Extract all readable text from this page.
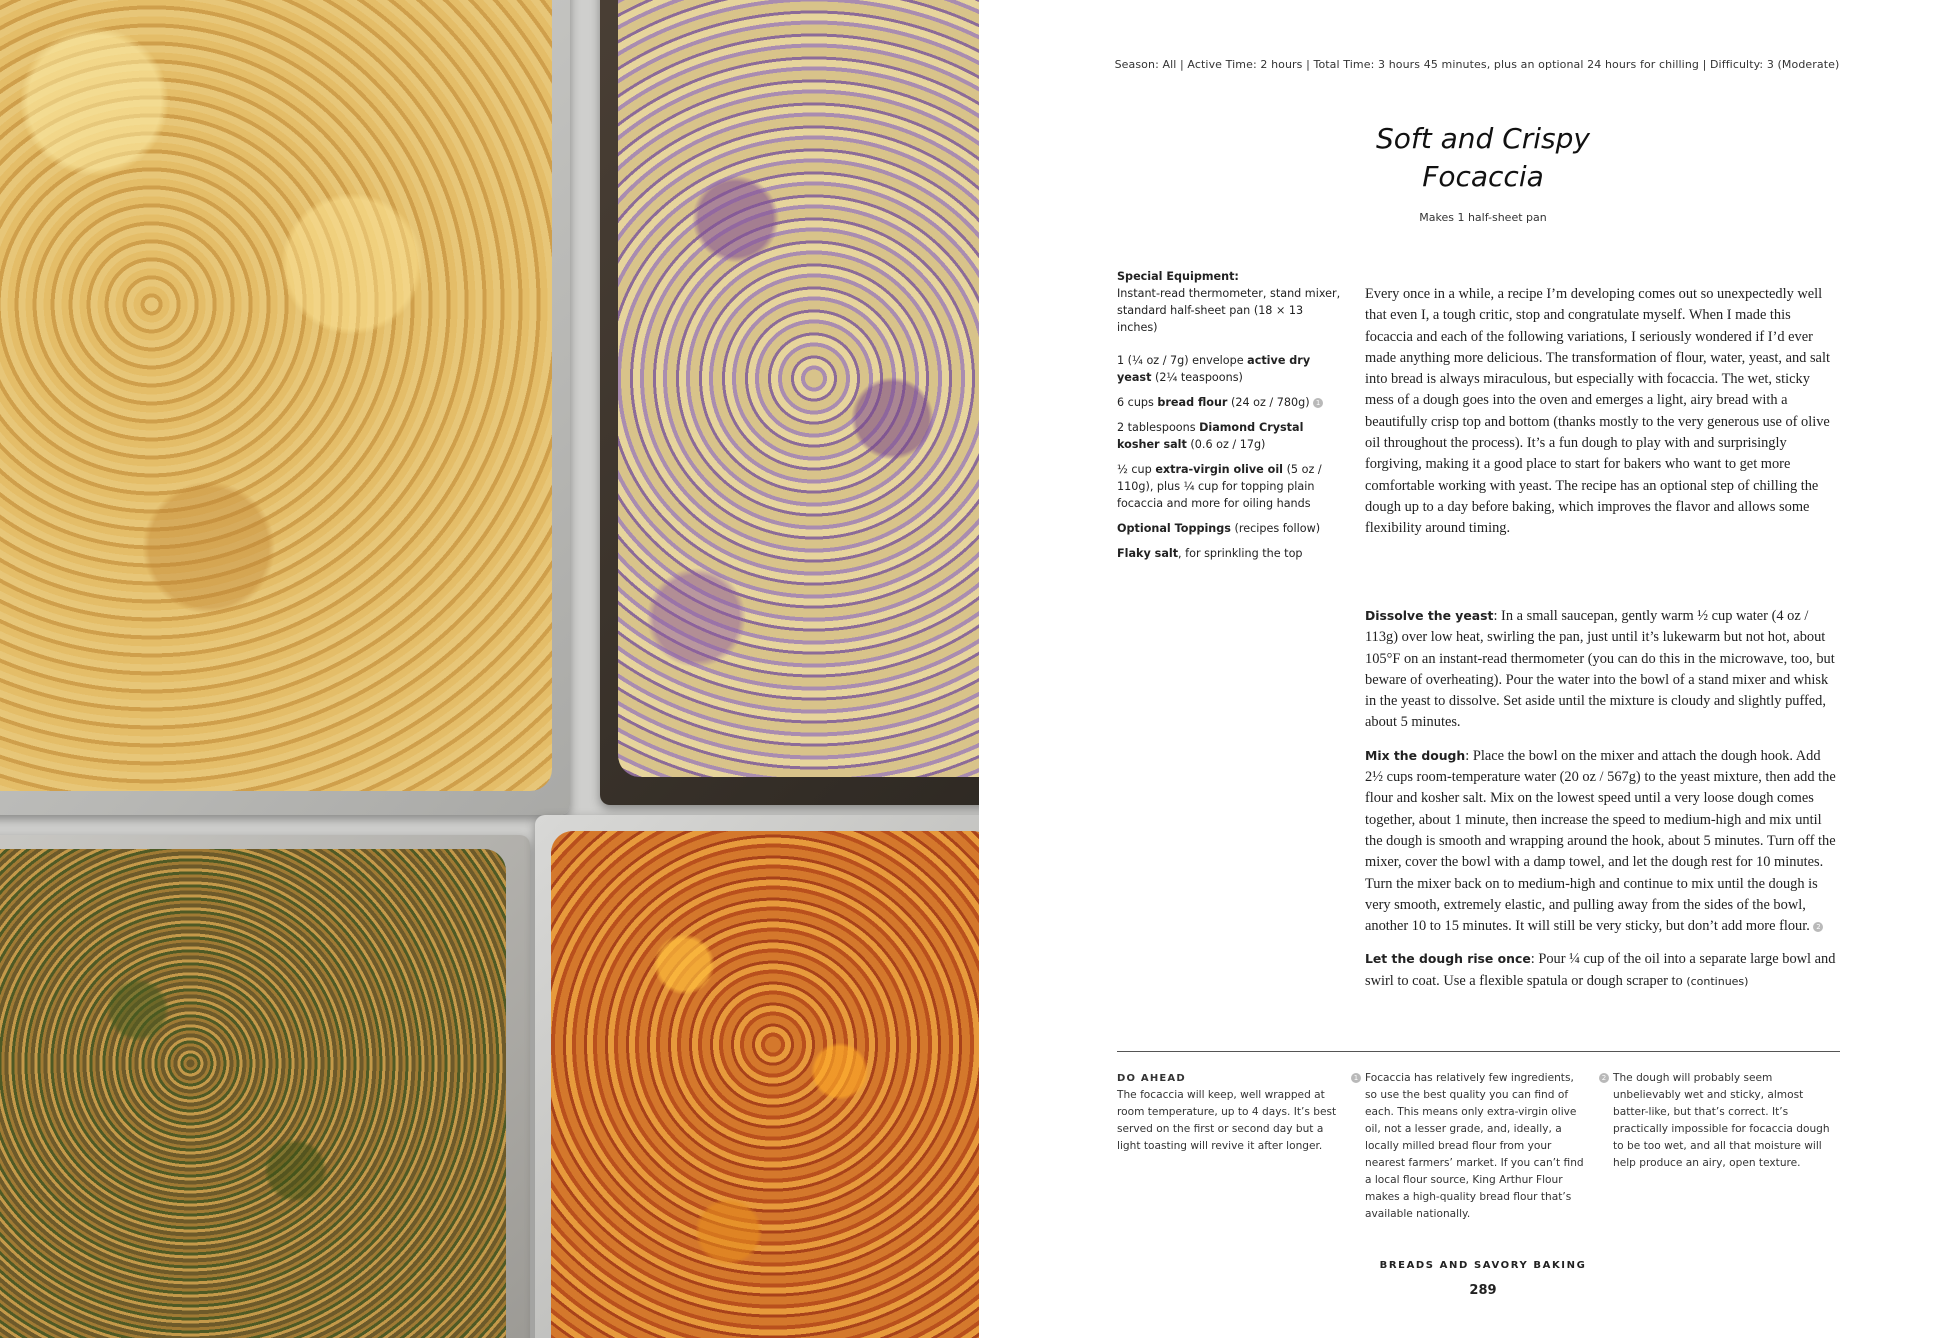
Season: All | Active Time: 2 hours | Total Time: 3 hours 45 minutes, plus an optional 24 hours for chilling | Difficulty: 3 (Moderate)
Soft and Crispy
Focaccia
Makes 1 half-sheet pan
Special Equipment:
Instant-read thermometer, stand mixer, standard half-sheet pan (18 × 13 inches)
1 (¼ oz / 7g) envelope active dry yeast (2¼ teaspoons)
6 cups bread flour (24 oz / 780g) 1
2 tablespoons Diamond Crystal kosher salt (0.6 oz / 17g)
½ cup extra-virgin olive oil (5 oz / 110g), plus ¼ cup for topping plain focaccia and more for oiling hands
Optional Toppings (recipes follow)
Flaky salt, for sprinkling the top

Every once in a while, a recipe I’m developing comes out so unexpectedly well that even I, a tough critic, stop and congratulate myself. When I made this focaccia and each of the following variations, I seriously wondered if I’d ever made anything more delicious. The transformation of flour, water, yeast, and salt into bread is always miraculous, but especially with focaccia. The wet, sticky mess of a dough goes into the oven and emerges a light, airy bread with a beautifully crisp top and bottom (thanks mostly to the very generous use of olive oil throughout the process). It’s a fun dough to play with and surprisingly forgiving, making it a good place to start for bakers who want to get more comfortable working with yeast. The recipe has an optional step of chilling the dough up to a day before baking, which improves the flavor and allows some flexibility around timing.

Dissolve the yeast: In a small saucepan, gently warm ½ cup water (4 oz / 113g) over low heat, swirling the pan, just until it’s lukewarm but not hot, about 105°F on an instant-read thermometer (you can do this in the microwave, too, but beware of overheating). Pour the water into the bowl of a stand mixer and whisk in the yeast to dissolve. Set aside until the mixture is cloudy and slightly puffed, about 5 minutes.

Mix the dough: Place the bowl on the mixer and attach the dough hook. Add 2½ cups room-temperature water (20 oz / 567g) to the yeast mixture, then add the flour and kosher salt. Mix on the lowest speed until a very loose dough comes together, about 1 minute, then increase the speed to medium-high and mix until the dough is smooth and wrapping around the hook, about 5 minutes. Turn off the mixer, cover the bowl with a damp towel, and let the dough rest for 10 minutes. Turn the mixer back on to medium-high and continue to mix until the dough is very smooth, extremely elastic, and pulling away from the sides of the bowl, another 10 to 15 minutes. It will still be very sticky, but don’t add more flour. 2

Let the dough rise once: Pour ¼ cup of the oil into a separate large bowl and swirl to coat. Use a flexible spatula or dough scraper to (continues)

DO AHEAD
The focaccia will keep, well wrapped at room temperature, up to 4 days. It’s best served on the first or second day but a light toasting will revive it after longer.
1 Focaccia has relatively few ingredients, so use the best quality you can find of each. This means only extra-virgin olive oil, not a lesser grade, and, ideally, a locally milled bread flour from your nearest farmers’ market. If you can’t find a local flour source, King Arthur Flour makes a high-quality bread flour that’s available nationally.
2 The dough will probably seem unbelievably wet and sticky, almost batter-like, but that’s correct. It’s practically impossible for focaccia dough to be too wet, and all that moisture will help produce an airy, open texture.
BREADS AND SAVORY BAKING
289
